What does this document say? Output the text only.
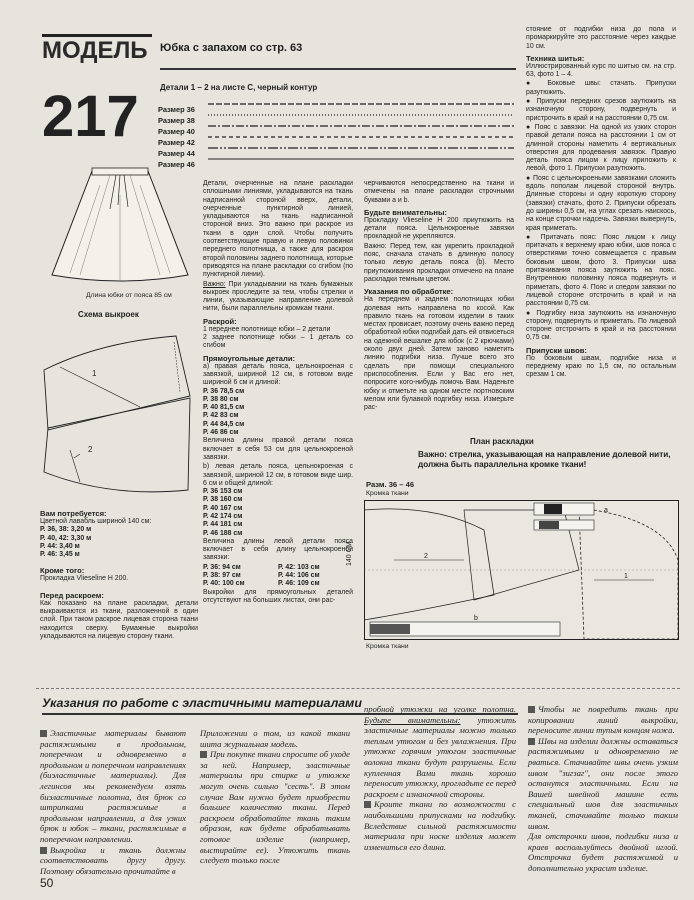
МОДЕЛЬ
217
Юбка с запахом со стр. 63
Детали 1 – 2 на листе С, черный контур
Размер 36
Размер 38
Размер 40
Размер 42
Размер 44
Размер 46
Длина юбки от пояса 85 см
Схема выкроек
1
2
Вам потребуется:
Цветной лавабль шириной 140 см:
Р. 36, 38: 3,20 м
Р. 40, 42: 3,30 м
Р. 44: 3,40 м
Р. 46: 3,45 м
Кроме того:
Прокладка Vlieseline H 200.
Перед раскроем:
Как показано на плане раскладки, детали выкраиваются из ткани, разложенной в один слой. При таком раскрое лицевая сторона ткани находится сверху. Бумажные выкройки укладываются на лицевую сторону ткани.

Детали, очерченные на плане раскладки сплошными линиями, укладываются на ткань надписанной стороной вверх, детали, очерченные пунктирной линией, укладываются на ткань надписанной стороной вниз. Это важно при раскрое из ткани в один слой. Чтобы получить соответствующие правую и левую половинки переднего полотнища, а также для раскроя второй половины заднего полотнища, которые приводятся на плане раскладки со сгибом (по пунктирной линии).

Важно: При укладывании на ткань бумажных выкроек проследите за тем, чтобы стрелки и линии, указывающие направление долевой нити, были параллельны кромкам ткани.

Раскрой:
1 переднее полотнище юбки – 2 детали
2 заднее полотнище юбки – 1 деталь со сгибом
Прямоугольные детали:
а) правая деталь пояса, цельнокроеная с завязкой, шириной 12 см, в готовом виде шириной 6 см и длиной:
Р. 36 78,5 см
Р. 38 80 см
Р. 40 81,5 см
Р. 42 83 см
Р. 44 84,5 см
Р. 46 86 см

Величина длины правой детали пояса включает в себя 53 см для цельнокроеной завязки.

b) левая деталь пояса, цельнокроеная с завязкой, шириной 12 см, в готовом виде шир. 6 см и общей длиной:
Р. 36 153 см
Р. 38 160 см
Р. 40 167 см
Р. 42 174 см
Р. 44 181 см
Р. 46 188 см

Величина длины левой детали пояса включает в себя длину цельнокроеной завязки:

Р. 36: 94 см	Р. 42: 103 см
Р. 38: 97 см	Р. 44: 106 см
Р. 40: 100 см	Р. 46: 109 см

Выкройки для прямоугольных деталей отсутствуют на больших листах, они рас-

черчиваются непосредственно на ткани и отмечены на плане раскладки строчными буквами а и b.

Будьте внимательны:

Прокладку Vlieseline H 200 приутюжить на детали пояса. Цельнокроеные завязки прокладкой не укрепляются.

Важно: Перед тем, как укрепить прокладкой пояс, сначала стачать в длинную полосу только левую деталь пояса (b). Место приутюживания прокладки отмечено на плане раскладки темным цветом.

Указания по обработке:

На переднем и заднем полотнищах юбки долевая нить направлена по косой. Как правило ткань на готовом изделии в таких местах провисает, поэтому очень важно перед обработкой юбки подгибай дать ей отвисеться на одежной вешалке для юбок (с 2 крючками) около двух дней. Затем заново наметить линию подгибки низа. Лучше всего это сделать при помощи специального приспособления. Если у Вас его нет, попросите кого-нибудь помочь Вам. Наденьте юбку и отметьте на одном месте портновским мелом или булавкой подгибку низа. Измерьте рас-

стояние от подгибки низа до пола и промаркируйте это расстояние через каждые 10 см.

Техника шитья:

Иллюстрированный курс по шитью см. на стр. 63, фото 1 – 4.

● Боковые швы: стачать. Припуски разутюжить.

● Припуски передних срезов заутюжить на изнаночную сторону, подвернуть и пристрочить в край и на расстоянии 0,75 см.

● Пояс с завязки: На одной из узких сторон правой детали пояса на расстоянии 1 см от длинной стороны наметить 4 вертикальных отверстия для продевания завязок. Правую деталь пояса лицом к лицу приложить к левой, фото 1. Припуски разутюжить.

● Пояс с цельнокроеными завязками сложить вдоль пополам лицевой стороной внутрь. Длинные стороны и одну короткую сторону (завязки) стачать, фото 2. Припуски обрезать до ширины 0,5 см, на углах срезать наискось, на конце строчки надсечь. Завязки вывернуть, края приметать.

● Притачать пояс: Пояс лицом к лицу притачать к верхнему краю юбки, шов пояса с отверстиями точно совмещается с правым боковым швом, фото 3. Припуски шва притачивания пояса заутюжить на пояс. Внутреннюю половинку пояса подвернуть и приметать, фото 4. Пояс и спедом завязки по лицевой стороне отстрочить в край и на расстоянии 0,75 см.

● Подгибку низа заутюжить на изнаночную сторону, подвернуть и приметать. По лицевой стороне отстрочить в край и на расстоянии 0,75 см.

Припуски швов:

По боковым швам, подгибке низа и переднему краю по 1,5 см, по остальным срезам 1 см.

План раскладки
Важно: стрелка, указывающая на направление долевой нити, должна быть параллельна кромке ткани!
Разм. 36 – 46
Кромка ткани
140 СМ
a
b
1
2
Кромка ткани
Указания по работе с эластичными материалами
Эластичные материалы бывают растяжимыми в продольном, поперечном и одновременно в продольном и поперечном направлениях (биэластичные материалы). Для легинсов мы рекомендуем взять биэластичные полотна, для брюк со штрипками растяжимые в продольном направлении, а для узких брюк и юбок – ткани, растяжимые в поперечном направлении.
Выкройка и ткань должны соответствовать другу другу. Поэтому обязательно прочитайте в
Приложении о том, из какой ткани шита журнальная модель.
При покупке ткани спросите об уходе за ней. Например, эластичные материалы при стирке и утюжке могут очень сильно "сесть". В этом случае Вам нужно будет приобрести большее количество ткани. Перед раскроем обработайте ткань таким образом, как будете обрабатывать готовое изделие (например, выстирайте ее). Утюжить ткань следует только после
пробной утюжки на уголке полотна. Будьте внимательны: утюжить эластичные материалы можно только теплым утюгом и без увлажнения. При утюжке горячим утюгом эластичные волокна ткани будут разрушены. Если купленная Вами ткань хорошо переносит утюжку, прогладьте ее перед раскроем с изнаночной стороны.
Кроите ткани по возможности с наибольшими припусками на подгибку. Вследствие сильной растяжимости материала при носке изделия может измениться его длина.
Чтобы не повредить ткань при копировании линий выкройки, переносите линии тупым концом ножа.
Швы на изделии должны оставаться растяжимыми и одновременно не рваться. Стачивайте швы очень узким швом "зигзаг", они после этого останутся эластичными. Если на Вашей швейной машине есть специальный шов для эластичных тканей, стачивайте только таким швом.
Для отстрочки швов, подгибки низа и краев воспользуйтесь двойной иглой. Отстрочка будет растяжимой и дополнительно украсит изделие.
50
